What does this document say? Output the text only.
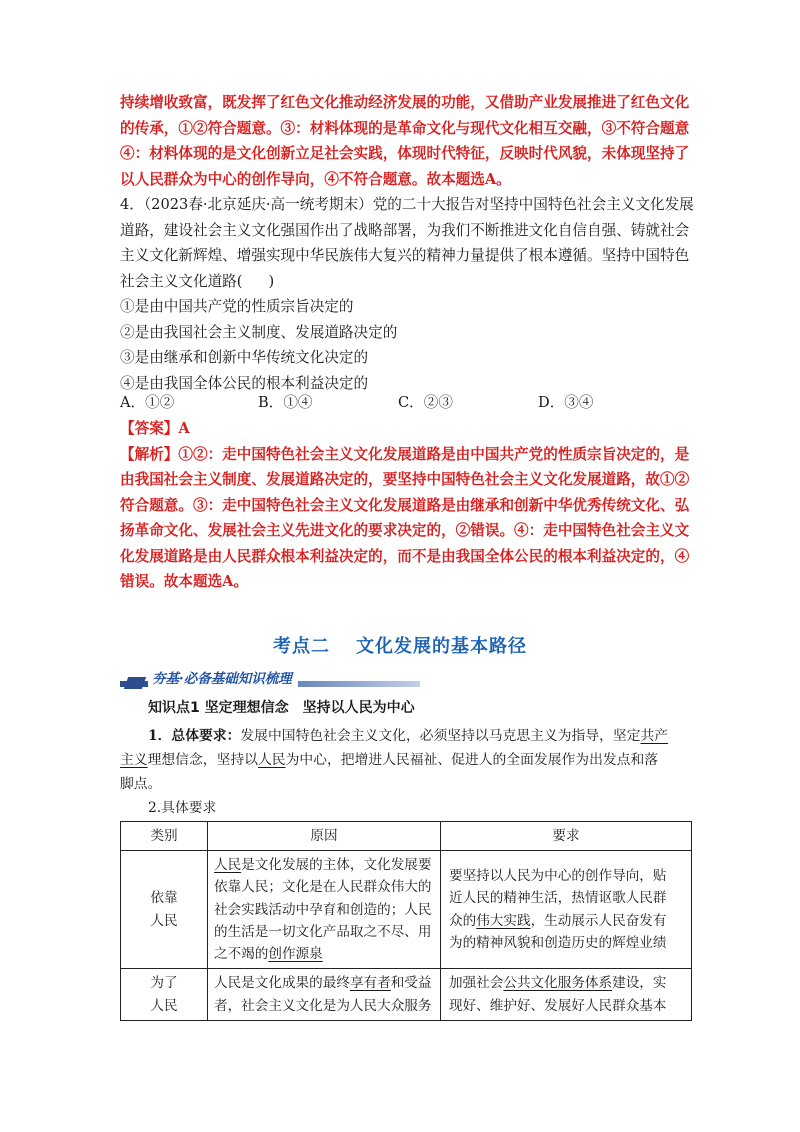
持续增收致富，既发挥了红色文化推动经济发展的功能，又借助产业发展推进了红色文化
的传承，①②符合题意。③：材料体现的是革命文化与现代文化相互交融，③不符合题意
④：材料体现的是文化创新立足社会实践，体现时代特征，反映时代风貌，未体现坚持了
以人民群众为中心的创作导向，④不符合题意。故本题选A。
4．（2023春·北京延庆·高一统考期末）党的二十大报告对坚持中国特色社会主义文化发展
道路，建设社会主义文化强国作出了战略部署，为我们不断推进文化自信自强、铸就社会
主义文化新辉煌、增强实现中华民族伟大复兴的精神力量提供了根本遵循。坚持中国特色
社会主义文化道路( )
①是由中国共产党的性质宗旨决定的
②是由我国社会主义制度、发展道路决定的
③是由继承和创新中华传统文化决定的
④是由我国全体公民的根本利益决定的
A．①②	B．①④	C．②③	D．③④
【答案】A
【解析】①②：走中国特色社会主义文化发展道路是由中国共产党的性质宗旨决定的，是
由我国社会主义制度、发展道路决定的，要坚持中国特色社会主义文化发展道路，故①②
符合题意。③：走中国特色社会主义文化发展道路是由继承和创新中华优秀传统文化、弘
扬革命文化、发展社会主义先进文化的要求决定的，②错误。④：走中国特色社会主义文
化发展道路是由人民群众根本利益决定的，而不是由我国全体公民的根本利益决定的，④
错误。故本题选A。
考点二 文化发展的基本路径
夯基·必备基础知识梳理
知识点1 坚定理想信念 坚持以人民为中心
1．总体要求：发展中国特色社会主义文化，必须坚持以马克思主义为指导，坚定共产
主义理想信念，坚持以人民为中心，把增进人民福祉、促进人的全面发展作为出发点和落
脚点。
2.具体要求
类别	原因	要求

依靠
人民	人民是文化发展的主体，文化发展要
依靠人民；文化是在人民群众伟大的
社会实践活动中孕育和创造的；人民
的生活是一切文化产品取之不尽、用
之不竭的创作源泉	要坚持以人民为中心的创作导向，贴
近人民的精神生活，热情讴歌人民群
众的伟大实践，生动展示人民奋发有
为的精神风貌和创造历史的辉煌业绩

为了
人民	人民是文化成果的最终享有者和受益
者，社会主义文化是为人民大众服务	加强社会公共文化服务体系建设，实
现好、维护好、发展好人民群众基本
